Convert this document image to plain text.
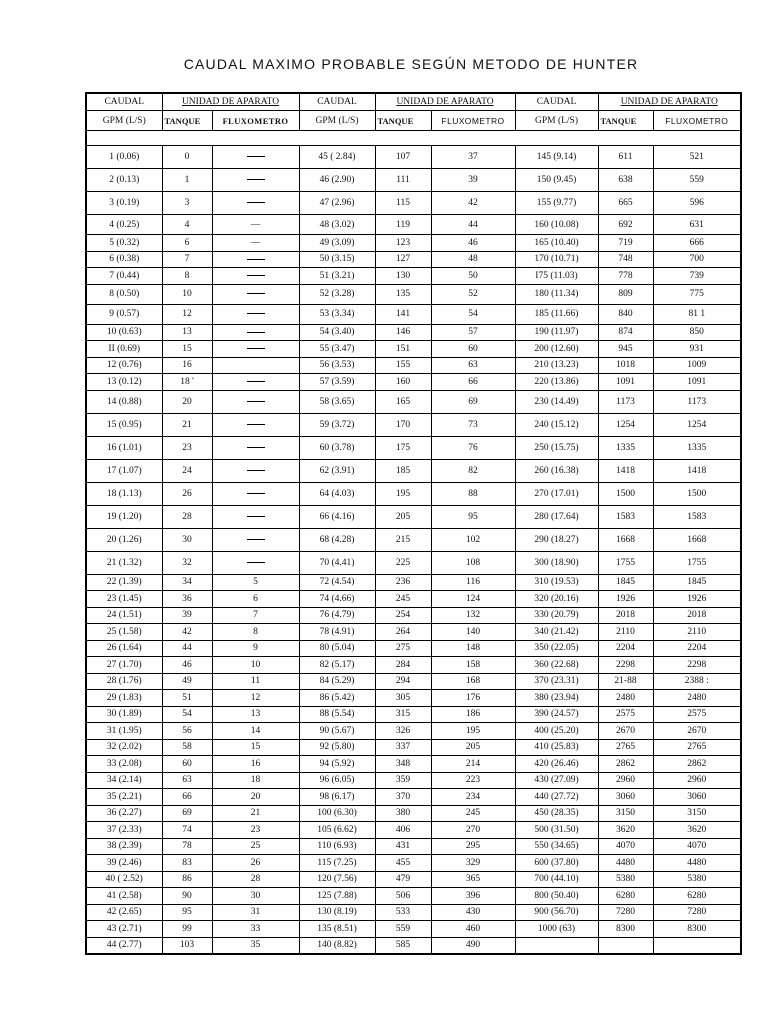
CAUDAL MAXIMO PROBABLE SEGÚN METODO DE HUNTER
CAUDAL	UNIDAD DE APARATO		CAUDAL	UNIDAD DE APARATO		CAUDAL	UNIDAD DE APARATO	
GPM (L/S)	TANQUE	FLUXOMETRO	GPM (L/S)	TANQUE	FLUXOMETRO	GPM (L/S)	TANQUE	FLUXOMETRO

1 (0.06)	0		45 ( 2.84)	107	37	145 (9.14)	611	521
2 (0.13)	1		46 (2.90)	111	39	150 (9.45)	638	559
3 (0.19)	3		47 (2.96)	115	42	155 (9.77)	665	596
4 (0.25)	4	—	48 (3.02)	119	44	160 (10.08)	692	631
5 (0.32)	6	—	49 (3.09)	123	46	165 (10.40)	719	666
6 (0.38)	7		50 (3.15)	127	48	170 (10.71)	748	700
7 (0.44)	8		51 (3.21)	130	50	I75 (11.03)	778	739
8 (0.50)	10		52 (3.28)	135	52	180 (11.34)	809	775
9 (0.57)	12		53 (3.34)	141	54	185 (11.66)	840	81 1
10 (0.63)	13		54 (3.40)	146	57	190 (11.97)	874	850
II (0.69)	15		55 (3.47)	151	60	200 (12.60)	945	931
12 (0.76)	16		56 (3.53)	155	63	210 (13.23)	1018	1009
13 (0.12)	18 '		57 (3.59)	160	66	220 (13.86)	1091	1091
14 (0.88)	20		58 (3.65)	165	69	230 (14.49)	1173	1173
15 (0.95)	21		59 (3.72)	170	73	240 (15.12)	1254	1254
16 (1.01)	23		60 (3.78)	175	76	250 (15.75)	1335	1335
17 (1.07)	24		62 (3.91)	185	82	260 (16.38)	1418	1418
18 (1.13)	26		64 (4.03)	195	88	270 (17.01)	1500	1500
19 (1.20)	28		66 (4.16)	205	95	280 (17.64)	1583	1583
20 (1.26)	30		68 (4.28)	215	102	290 (18.27)	1668	1668
21 (1.32)	32		70 (4.41)	225	108	300 (18.90)	1755	1755
22 (1.39)	34	5	72 (4.54)	236	116	310 (19.53)	1845	1845
23 (1.45)	36	6	74 (4.66)	245	124	320 (20.16)	1926	1926
24 (1.51)	39	7	76 (4.79)	254	132	330 (20.79)	2018	2018
25 (1.58)	42	8	78 (4.91)	264	140	340 (21.42)	2110	2110
26 (1.64)	44	9	80 (5.04)	275	148	350 (22.05)	2204	2204
27 (1.70)	46	10	82 (5.17)	284	158	360 (22.68)	2298	2298
28 (1.76)	49	11	84 (5.29)	294	168	370 (23.31)	21-88	2388 :
29 (1.83)	51	12	86 (5.42)	305	176	380 (23.94)	2480	2480
30 (1.89)	54	13	88 (5.54)	315	186	390 (24.57)	2575	2575
31 (1.95)	56	14	90 (5.67)	326	195	400 (25.20)	2670	2670
32 (2.02)	58	15	92 (5.80)	337	205	410 (25.83)	2765	2765
33 (2.08)	60	16	94 (5.92)	348	214	420 (26.46)	2862	2862
34 (2.14)	63	18	96 (6.05)	359	223	430 (27.09)	2960	2960
35 (2.21)	66	20	98 (6.17)	370	234	440 (27.72)	3060	3060
36 (2.27)	69	21	100 (6.30)	380	245	450 (28.35)	3150	3150
37 (2.33)	74	23	105 (6.62)	406	270	500 (31.50)	3620	3620
38 (2.39)	78	25	110 (6.93)	431	295	550 (34.65)	4070	4070
39 (2.46)	83	26	115 (7.25)	455	329	600 (37.80)	4480	4480
40 ( 2.52)	86	28	120 (7.56)	479	365	700 (44.10)	5380	5380
41 (2.58)	90	30	125 (7.88)	506	396	800 (50.40)	6280	6280
42 (2.65)	95	31	130 (8.19)	533	430	900 (56.70)	7280	7280
43 (2.71)	99	33	135 (8.51)	559	460	1000 (63)	8300	8300
44 (2.77)	103	35	140 (8.82)	585	490			
